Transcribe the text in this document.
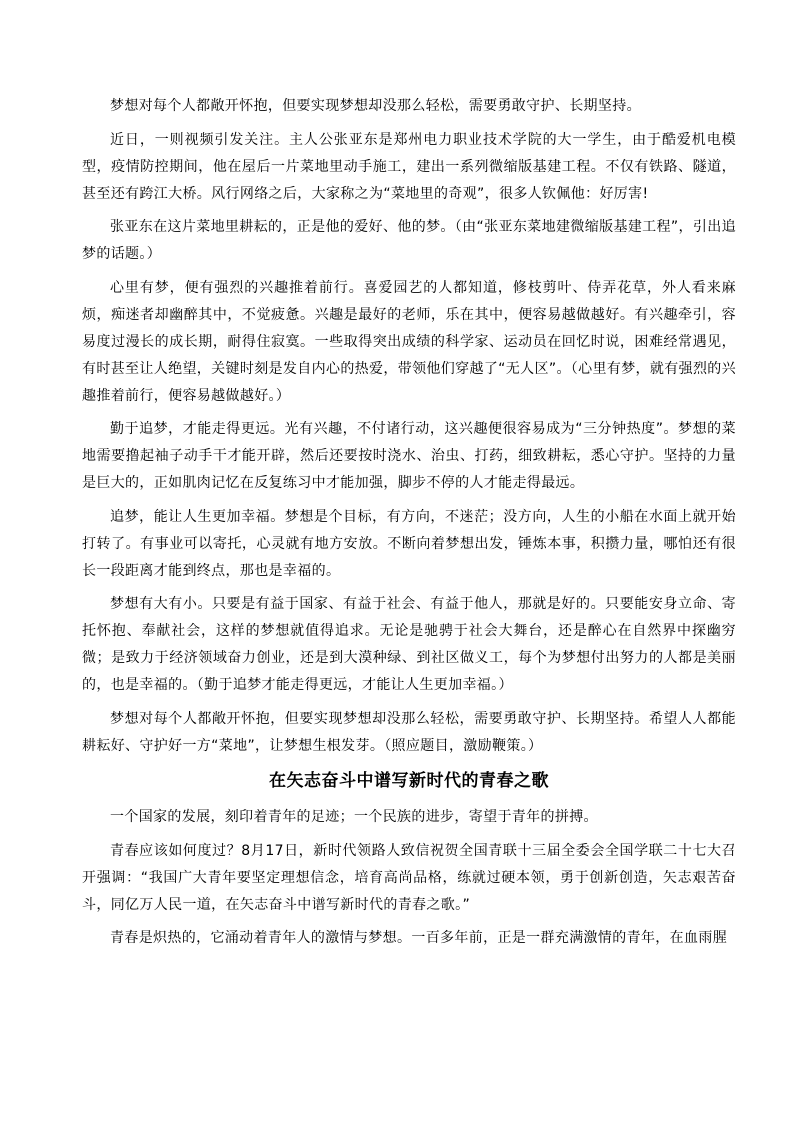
梦想对每个人都敞开怀抱，但要实现梦想却没那么轻松，需要勇敢守护、长期坚持。

近日，一则视频引发关注。主人公张亚东是郑州电力职业技术学院的大一学生，由于酷爱机电模型，疫情防控期间，他在屋后一片菜地里动手施工，建出一系列微缩版基建工程。不仅有铁路、隧道，甚至还有跨江大桥。风行网络之后，大家称之为“菜地里的奇观”，很多人钦佩他：好厉害!

张亚东在这片菜地里耕耘的，正是他的爱好、他的梦。（由“张亚东菜地建微缩版基建工程”，引出追梦的话题。）

心里有梦，便有强烈的兴趣推着前行。喜爱园艺的人都知道，修枝剪叶、侍弄花草，外人看来麻烦，痴迷者却幽醉其中，不觉疲惫。兴趣是最好的老师，乐在其中，便容易越做越好。有兴趣牵引，容易度过漫长的成长期，耐得住寂寞。一些取得突出成绩的科学家、运动员在回忆时说，困难经常遇见，有时甚至让人绝望，关键时刻是发自内心的热爱，带领他们穿越了“无人区”。（心里有梦，就有强烈的兴趣推着前行，便容易越做越好。）

勤于追梦，才能走得更远。光有兴趣，不付诸行动，这兴趣便很容易成为“三分钟热度”。梦想的菜地需要撸起袖子动手干才能开辟，然后还要按时浇水、治虫、打药，细致耕耘，悉心守护。坚持的力量是巨大的，正如肌肉记忆在反复练习中才能加强，脚步不停的人才能走得最远。

追梦，能让人生更加幸福。梦想是个目标，有方向，不迷茫；没方向，人生的小船在水面上就开始打转了。有事业可以寄托，心灵就有地方安放。不断向着梦想出发，锤炼本事，积攒力量，哪怕还有很长一段距离才能到终点，那也是幸福的。

梦想有大有小。只要是有益于国家、有益于社会、有益于他人，那就是好的。只要能安身立命、寄托怀抱、奉献社会，这样的梦想就值得追求。无论是驰骋于社会大舞台，还是醉心在自然界中探幽穷微；是致力于经济领域奋力创业，还是到大漠种绿、到社区做义工，每个为梦想付出努力的人都是美丽的，也是幸福的。（勤于追梦才能走得更远，才能让人生更加幸福。）

梦想对每个人都敞开怀抱，但要实现梦想却没那么轻松，需要勇敢守护、长期坚持。希望人人都能耕耘好、守护好一方“菜地”，让梦想生根发芽。（照应题目，激励鞭策。）

在矢志奋斗中谱写新时代的青春之歌

一个国家的发展，刻印着青年的足迹；一个民族的进步，寄望于青年的拼搏。

青春应该如何度过？8月17日，新时代领路人致信祝贺全国青联十三届全委会全国学联二十七大召开强调：“我国广大青年要坚定理想信念，培育高尚品格，练就过硬本领，勇于创新创造，矢志艰苦奋斗，同亿万人民一道，在矢志奋斗中谱写新时代的青春之歌。”

青春是炽热的，它涌动着青年人的激情与梦想。一百多年前，正是一群充满激情的青年，在血雨腥
